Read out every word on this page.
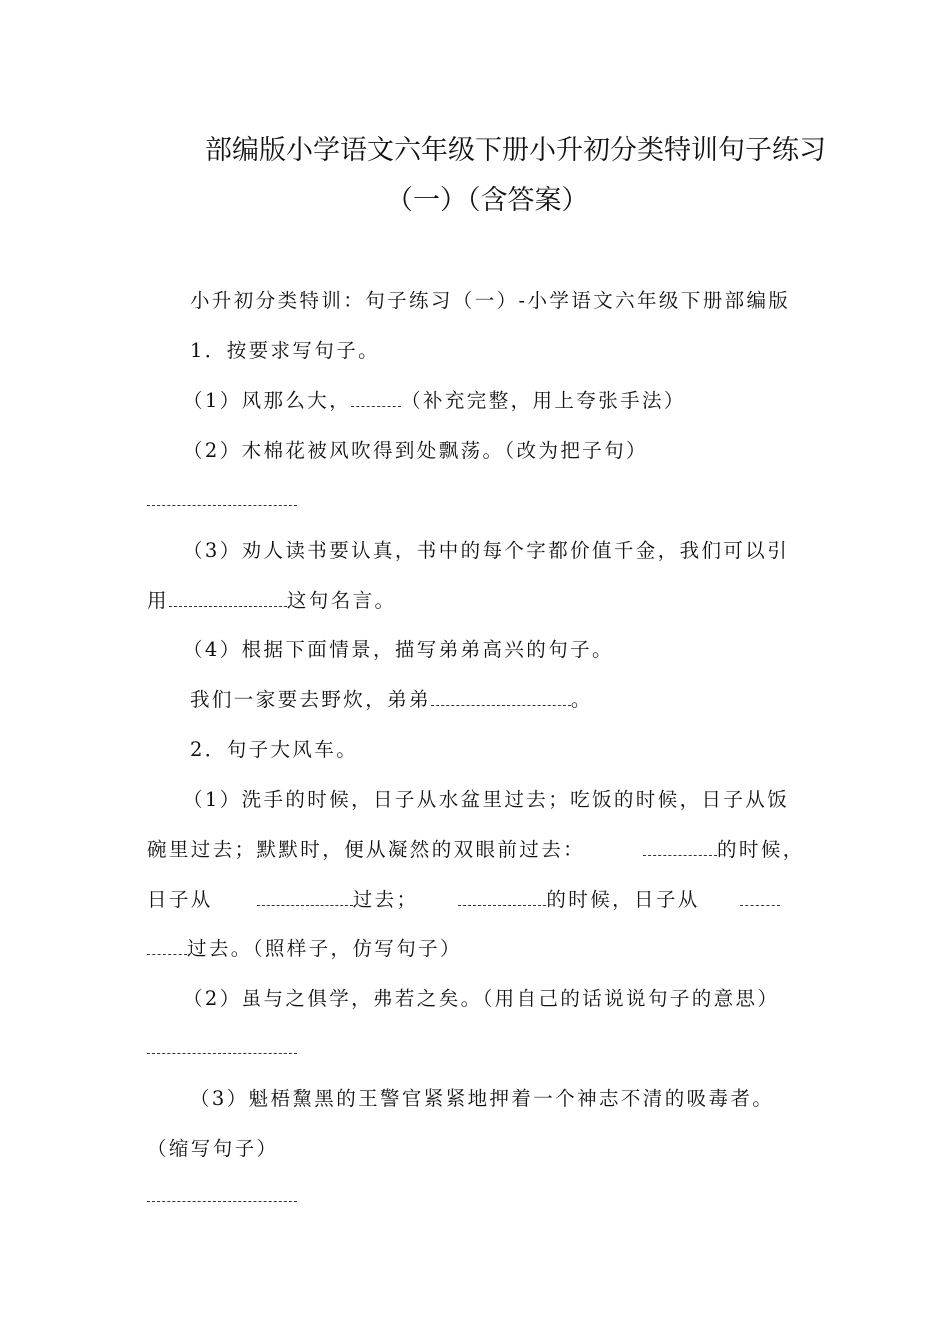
部编版小学语文六年级下册小升初分类特训句子练习
（一）（含答案）
小升初分类特训：句子练习（一）-小学语文六年级下册部编版
1．按要求写句子。
（1）风那么大，	（补充完整，用上夸张手法）
（2）木棉花被风吹得到处飘荡。（改为把子句）
（3）劝人读书要认真，书中的每个字都价值千金，我们可以引
用	这句名言。
（4）根据下面情景，描写弟弟高兴的句子。
我们一家要去野炊，弟弟	。
2．句子大风车。
（1）洗手的时候，日子从水盆里过去；吃饭的时候，日子从饭
碗里过去；默默时，便从凝然的双眼前过去：	的时候，
日子从	过去；	的时候，日子从
过去。（照样子，仿写句子）
（2）虽与之俱学，弗若之矣。（用自己的话说说句子的意思）
（3）魁梧黧黑的王警官紧紧地押着一个神志不清的吸毒者。
（缩写句子）
